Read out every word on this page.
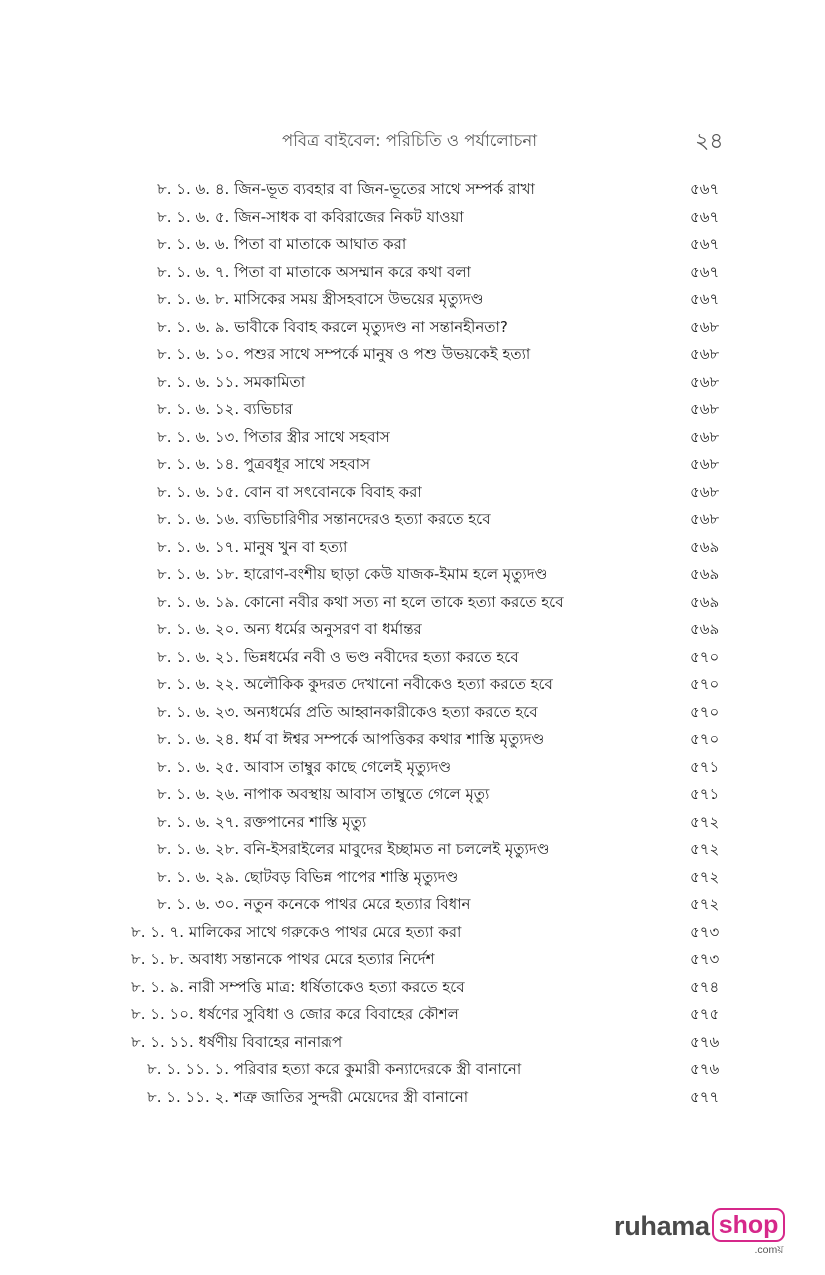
পবিত্র বাইবেল: পরিচিতি ও পর্যালোচনা	২৪
৮. ১. ৬. ৪. জিন-ভূত ব্যবহার বা জিন-ভূতের সাথে সম্পর্ক রাখা	৫৬৭
৮. ১. ৬. ৫. জিন-সাধক বা কবিরাজের নিকট যাওয়া	৫৬৭
৮. ১. ৬. ৬. পিতা বা মাতাকে আঘাত করা	৫৬৭
৮. ১. ৬. ৭. পিতা বা মাতাকে অসম্মান করে কথা বলা	৫৬৭
৮. ১. ৬. ৮. মাসিকের সময় স্ত্রীসহবাসে উভয়ের মৃত্যুদণ্ড	৫৬৭
৮. ১. ৬. ৯. ভাবীকে বিবাহ করলে মৃত্যুদণ্ড না সন্তানহীনতা?	৫৬৮
৮. ১. ৬. ১০. পশুর সাথে সম্পর্কে মানুষ ও পশু উভয়কেই হত্যা	৫৬৮
৮. ১. ৬. ১১. সমকামিতা	৫৬৮
৮. ১. ৬. ১২. ব্যভিচার	৫৬৮
৮. ১. ৬. ১৩. পিতার স্ত্রীর সাথে সহবাস	৫৬৮
৮. ১. ৬. ১৪. পুত্রবধূর সাথে সহবাস	৫৬৮
৮. ১. ৬. ১৫. বোন বা সৎবোনকে বিবাহ করা	৫৬৮
৮. ১. ৬. ১৬. ব্যভিচারিণীর সন্তানদেরও হত্যা করতে হবে	৫৬৮
৮. ১. ৬. ১৭. মানুষ খুন বা হত্যা	৫৬৯
৮. ১. ৬. ১৮. হারোণ-বংশীয় ছাড়া কেউ যাজক-ইমাম হলে মৃত্যুদণ্ড	৫৬৯
৮. ১. ৬. ১৯. কোনো নবীর কথা সত্য না হলে তাকে হত্যা করতে হবে	৫৬৯
৮. ১. ৬. ২০. অন্য ধর্মের অনুসরণ বা ধর্মান্তর	৫৬৯
৮. ১. ৬. ২১. ভিন্নধর্মের নবী ও ভণ্ড নবীদের হত্যা করতে হবে	৫৭০
৮. ১. ৬. ২২. অলৌকিক কুদরত দেখানো নবীকেও হত্যা করতে হবে	৫৭০
৮. ১. ৬. ২৩. অন্যধর্মের প্রতি আহ্বানকারীকেও হত্যা করতে হবে	৫৭০
৮. ১. ৬. ২৪. ধর্ম বা ঈশ্বর সম্পর্কে আপত্তিকর কথার শাস্তি মৃত্যুদণ্ড	৫৭০
৮. ১. ৬. ২৫. আবাস তাম্বুর কাছে গেলেই মৃত্যুদণ্ড	৫৭১
৮. ১. ৬. ২৬. নাপাক অবস্থায় আবাস তাম্বুতে গেলে মৃত্যু	৫৭১
৮. ১. ৬. ২৭. রক্তপানের শাস্তি মৃত্যু	৫৭২
৮. ১. ৬. ২৮. বনি-ইসরাইলের মাবুদের ইচ্ছামত না চললেই মৃত্যুদণ্ড	৫৭২
৮. ১. ৬. ২৯. ছোটবড় বিভিন্ন পাপের শাস্তি মৃত্যুদণ্ড	৫৭২
৮. ১. ৬. ৩০. নতুন কনেকে পাথর মেরে হত্যার বিধান	৫৭২
৮. ১. ৭. মালিকের সাথে গরুকেও পাথর মেরে হত্যা করা	৫৭৩
৮. ১. ৮. অবাধ্য সন্তানকে পাথর মেরে হত্যার নির্দেশ	৫৭৩
৮. ১. ৯. নারী সম্পত্তি মাত্র: ধর্ষিতাকেও হত্যা করতে হবে	৫৭৪
৮. ১. ১০. ধর্ষণের সুবিধা ও জোর করে বিবাহের কৌশল	৫৭৫
৮. ১. ১১. ধর্ষণীয় বিবাহের নানারূপ	৫৭৬
৮. ১. ১১. ১. পরিবার হত্যা করে কুমারী কন্যাদেরকে স্ত্রী বানানো	৫৭৬
৮. ১. ১১. ২. শত্রু জাতির সুন্দরী মেয়েদের স্ত্রী বানানো	৫৭৭
ruhama shop
.comয়
